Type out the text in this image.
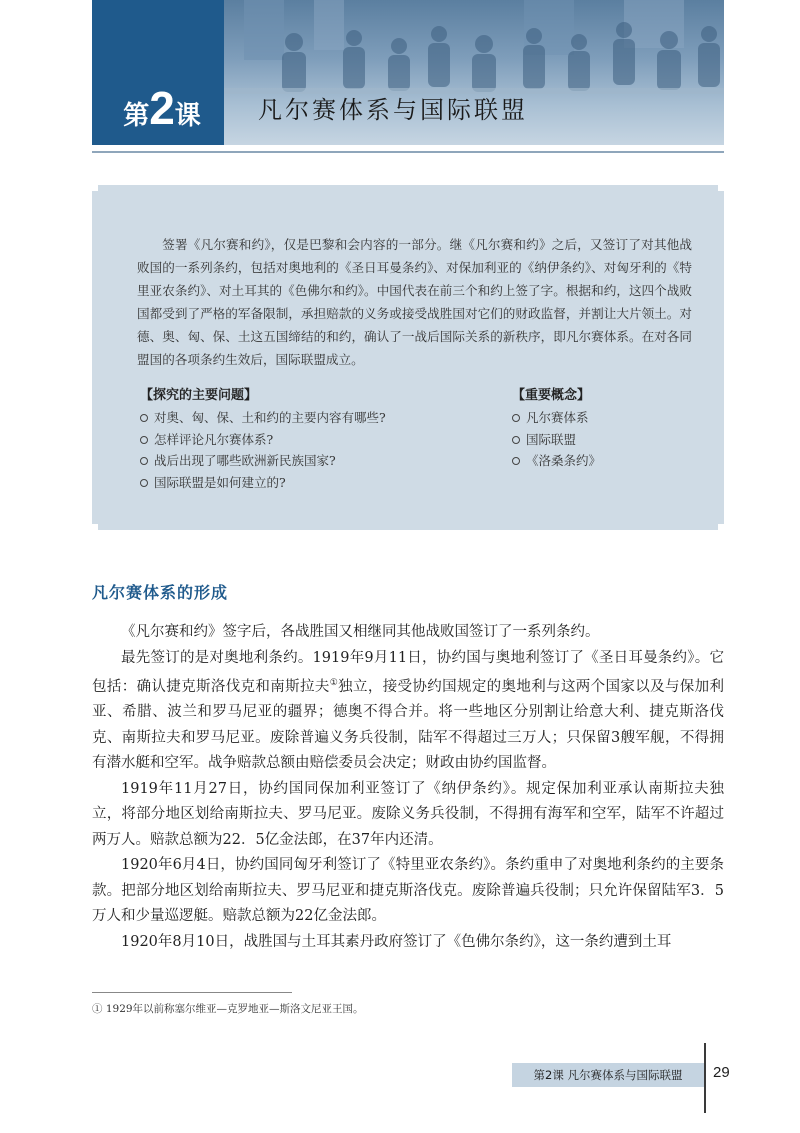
第2课 凡尔赛体系与国际联盟

签署《凡尔赛和约》，仅是巴黎和会内容的一部分。继《凡尔赛和约》之后，又签订了对其他战败国的一系列条约，包括对奥地利的《圣日耳曼条约》、对保加利亚的《纳伊条约》、对匈牙利的《特里亚农条约》、对土耳其的《色佛尔和约》。中国代表在前三个和约上签了字。根据和约，这四个战败国都受到了严格的军备限制，承担赔款的义务或接受战胜国对它们的财政监督，并割让大片领土。对德、奥、匈、保、土这五国缔结的和约，确认了一战后国际关系的新秩序，即凡尔赛体系。在对各同盟国的各项条约生效后，国际联盟成立。

【探究的主要问题】
对奥、匈、保、土和约的主要内容有哪些?
怎样评论凡尔赛体系?
战后出现了哪些欧洲新民族国家?
国际联盟是如何建立的?
【重要概念】
凡尔赛体系
国际联盟
《洛桑条约》
凡尔赛体系的形成

《凡尔赛和约》签字后，各战胜国又相继同其他战败国签订了一系列条约。

最先签订的是对奥地利条约。1919年9月11日，协约国与奥地利签订了《圣日耳曼条约》。它包括：确认捷克斯洛伐克和南斯拉夫①独立，接受协约国规定的奥地利与这两个国家以及与保加利亚、希腊、波兰和罗马尼亚的疆界；德奥不得合并。将一些地区分别割让给意大利、捷克斯洛伐克、南斯拉夫和罗马尼亚。废除普遍义务兵役制，陆军不得超过三万人；只保留3艘军舰，不得拥有潜水艇和空军。战争赔款总额由赔偿委员会决定；财政由协约国监督。

1919年11月27日，协约国同保加利亚签订了《纳伊条约》。规定保加利亚承认南斯拉夫独立，将部分地区划给南斯拉夫、罗马尼亚。废除义务兵役制，不得拥有海军和空军，陆军不许超过两万人。赔款总额为22．5亿金法郎，在37年内还清。

1920年6月4日，协约国同匈牙利签订了《特里亚农条约》。条约重申了对奥地利条约的主要条款。把部分地区划给南斯拉夫、罗马尼亚和捷克斯洛伐克。废除普遍兵役制；只允许保留陆军3．5万人和少量巡逻艇。赔款总额为22亿金法郎。

1920年8月10日，战胜国与土耳其素丹政府签订了《色佛尔条约》，这一条约遭到土耳

① 1929年以前称塞尔维亚—克罗地亚—斯洛文尼亚王国。
第2课 凡尔赛体系与国际联盟	29
